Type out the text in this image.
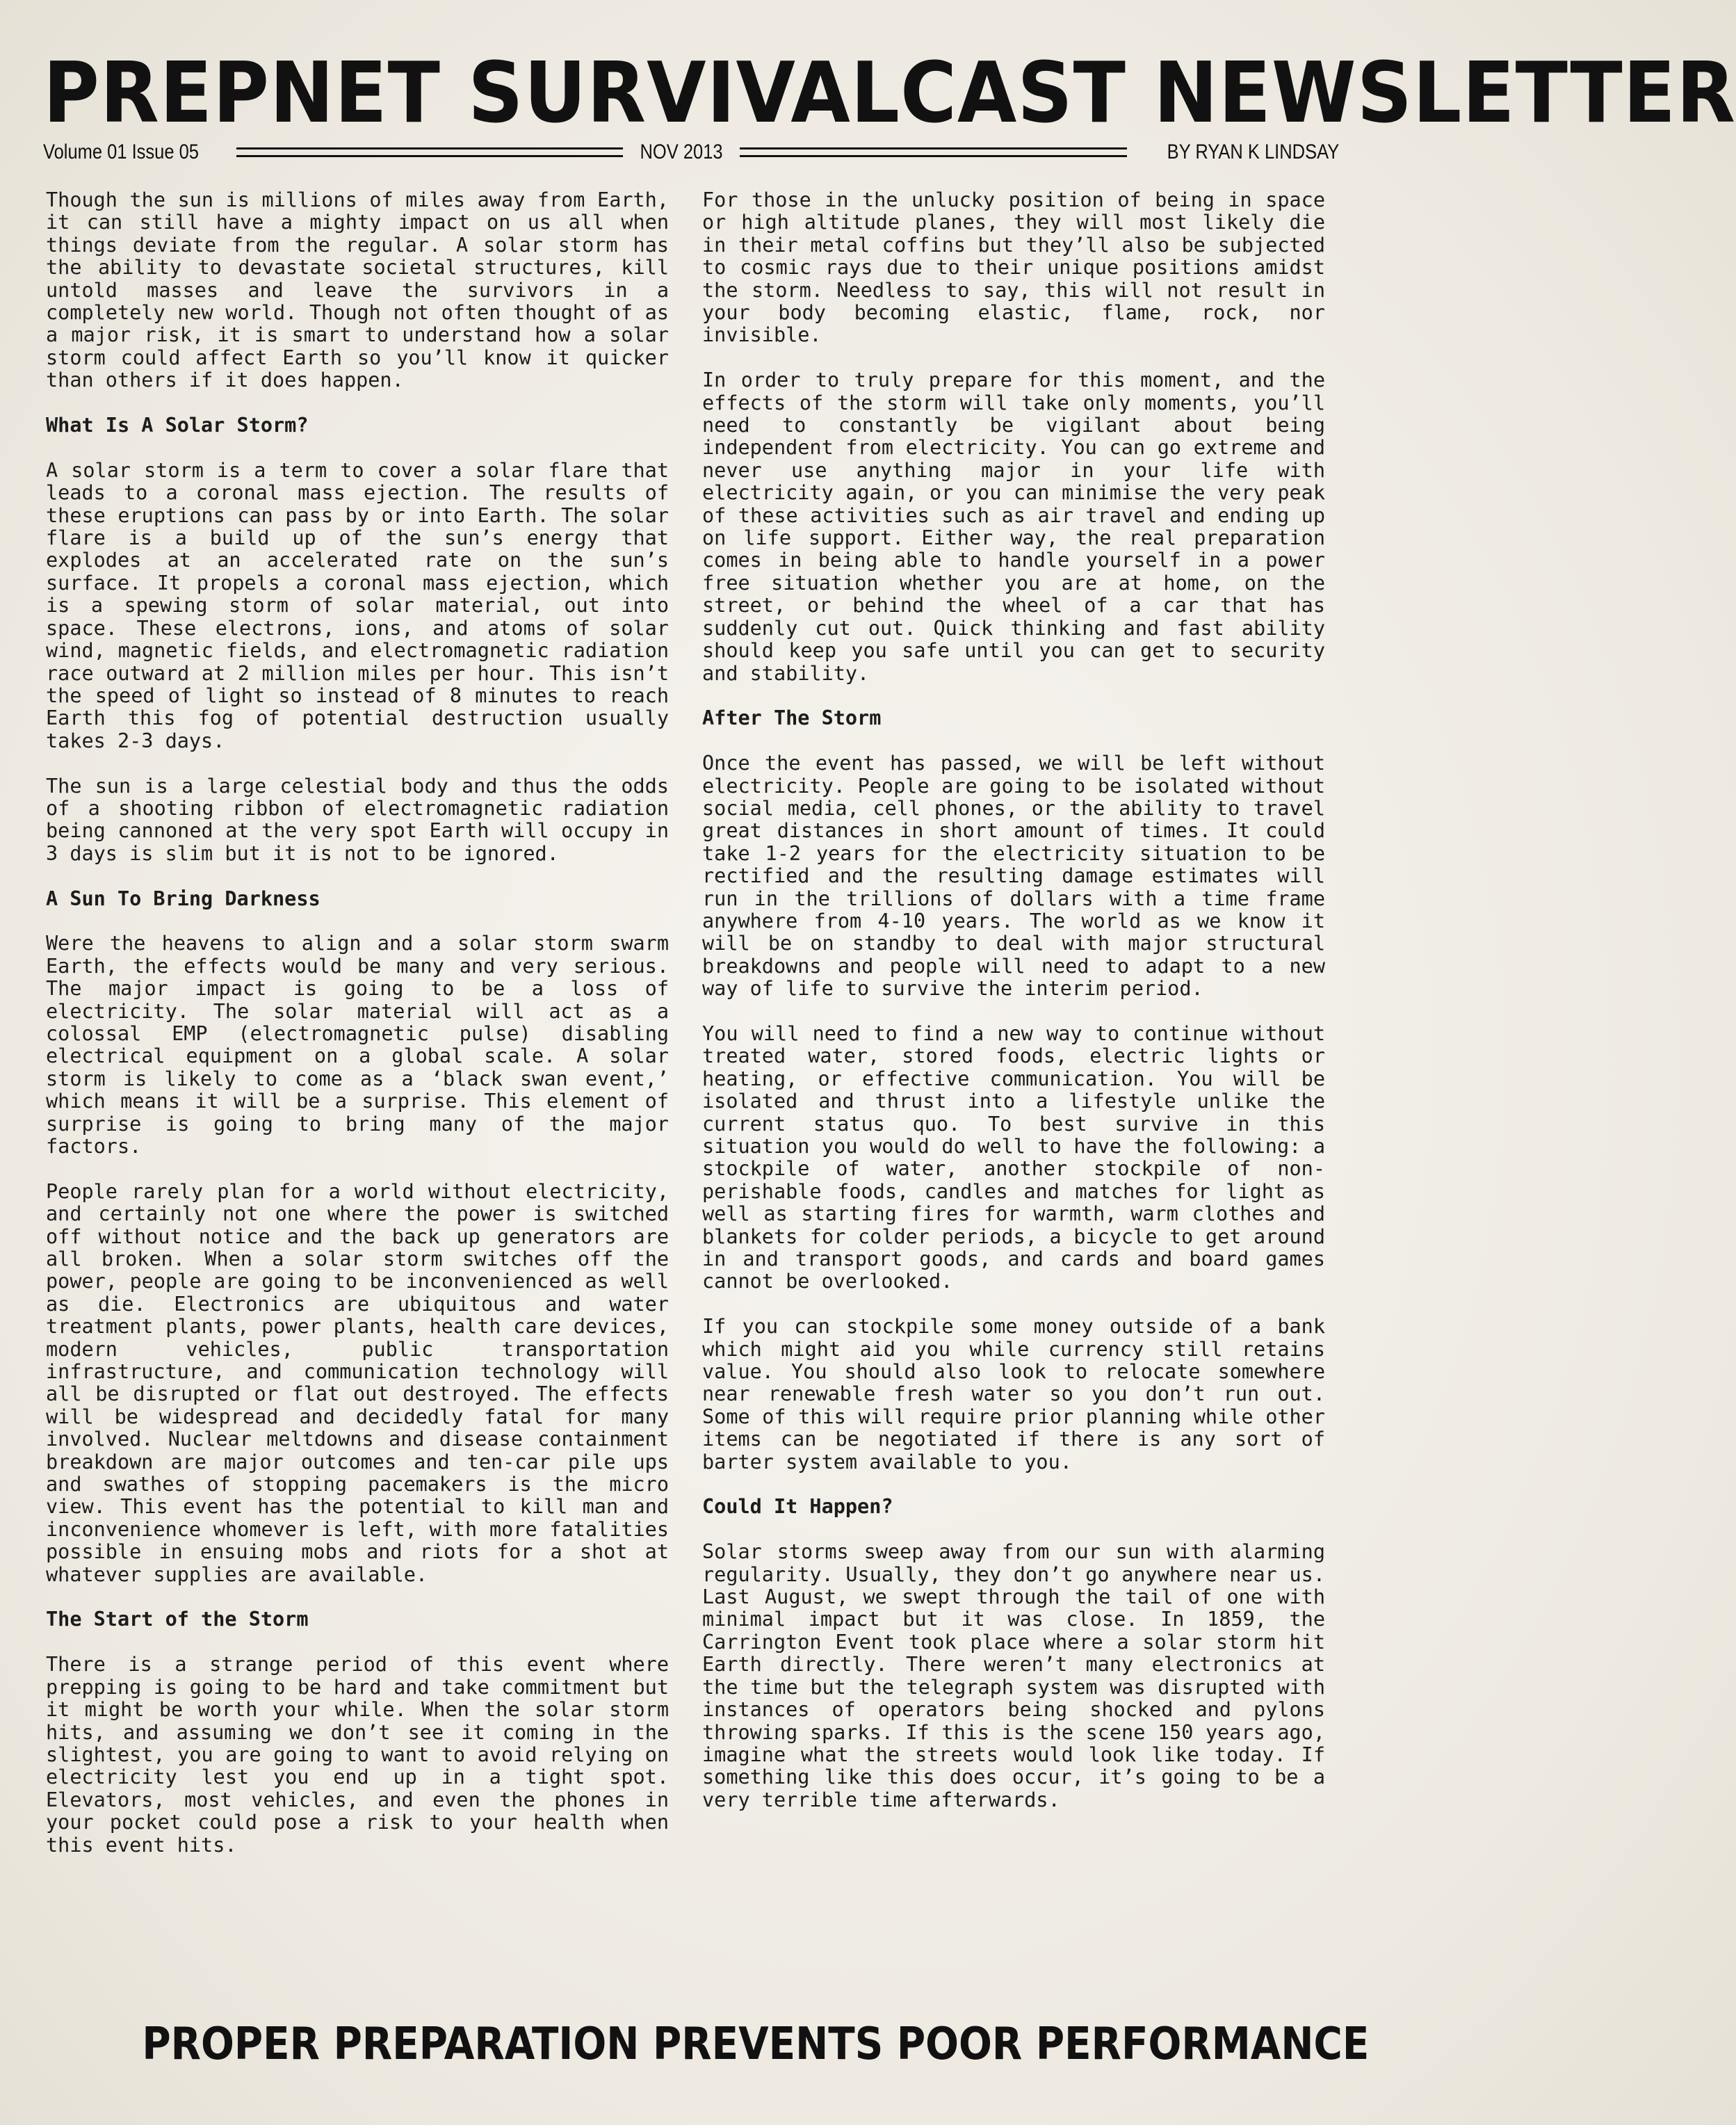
PREPNET SURVIVALCAST NEWSLETTER
Volume 01 Issue 05	NOV 2013	BY RYAN K LINDSAY

Though the sun is millions of miles away from Earth, it can still have a mighty impact on us all when things deviate from the regular. A solar storm has the ability to devastate societal structures, kill untold masses and leave the survivors in a completely new world. Though not often thought of as a major risk, it is smart to understand how a solar storm could affect Earth so you’ll know it quicker than others if it does happen.

What Is A Solar Storm?

A solar storm is a term to cover a solar flare that leads to a coronal mass ejection. The results of these eruptions can pass by or into Earth. The solar flare is a build up of the sun’s energy that explodes at an accelerated rate on the sun’s surface. It propels a coronal mass ejection, which is a spewing storm of solar material, out into space. These electrons, ions, and atoms of solar wind, magnetic fields, and electromagnetic radiation race outward at 2 million miles per hour. This isn’t the speed of light so instead of 8 minutes to reach Earth this fog of potential destruction usually takes 2-3 days.

The sun is a large celestial body and thus the odds of a shooting ribbon of electromagnetic radiation being cannoned at the very spot Earth will occupy in 3 days is slim but it is not to be ignored.

A Sun To Bring Darkness

Were the heavens to align and a solar storm swarm Earth, the effects would be many and very serious. The major impact is going to be a loss of electricity. The solar material will act as a colossal EMP (electromagnetic pulse) disabling electrical equipment on a global scale. A solar storm is likely to come as a ‘black swan event,’ which means it will be a surprise. This element of surprise is going to bring many of the major factors.

People rarely plan for a world without electricity, and certainly not one where the power is switched off without notice and the back up generators are all broken. When a solar storm switches off the power, people are going to be inconvenienced as well as die. Electronics are ubiquitous and water treatment plants, power plants, health care devices, modern vehicles, public transportation infrastructure, and communication technology will all be disrupted or flat out destroyed. The effects will be widespread and decidedly fatal for many involved. Nuclear meltdowns and disease containment breakdown are major outcomes and ten-car pile ups and swathes of stopping pacemakers is the micro view. This event has the potential to kill man and inconvenience whomever is left, with more fatalities possible in ensuing mobs and riots for a shot at whatever supplies are available.

The Start of the Storm

There is a strange period of this event where prepping is going to be hard and take commitment but it might be worth your while. When the solar storm hits, and assuming we don’t see it coming in the slightest, you are going to want to avoid relying on electricity lest you end up in a tight spot. Elevators, most vehicles, and even the phones in your pocket could pose a risk to your health when this event hits.

For those in the unlucky position of being in space or high altitude planes, they will most likely die in their metal coffins but they’ll also be subjected to cosmic rays due to their unique positions amidst the storm. Needless to say, this will not result in your body becoming elastic, flame, rock, nor invisible.

In order to truly prepare for this moment, and the effects of the storm will take only moments, you’ll need to constantly be vigilant about being independent from electricity. You can go extreme and never use anything major in your life with electricity again, or you can minimise the very peak of these activities such as air travel and ending up on life support. Either way, the real preparation comes in being able to handle yourself in a power free situation whether you are at home, on the street, or behind the wheel of a car that has suddenly cut out. Quick thinking and fast ability should keep you safe until you can get to security and stability.

After The Storm

Once the event has passed, we will be left without electricity. People are going to be isolated without social media, cell phones, or the ability to travel great distances in short amount of times. It could take 1-2 years for the electricity situation to be rectified and the resulting damage estimates will run in the trillions of dollars with a time frame anywhere from 4-10 years. The world as we know it will be on standby to deal with major structural breakdowns and people will need to adapt to a new way of life to survive the interim period.

You will need to find a new way to continue without treated water, stored foods, electric lights or heating, or effective communication. You will be isolated and thrust into a lifestyle unlike the current status quo. To best survive in this situation you would do well to have the following: a stockpile of water, another stockpile of non-perishable foods, candles and matches for light as well as starting fires for warmth, warm clothes and blankets for colder periods, a bicycle to get around in and transport goods, and cards and board games cannot be overlooked.

If you can stockpile some money outside of a bank which might aid you while currency still retains value. You should also look to relocate somewhere near renewable fresh water so you don’t run out. Some of this will require prior planning while other items can be negotiated if there is any sort of barter system available to you.

Could It Happen?

Solar storms sweep away from our sun with alarming regularity. Usually, they don’t go anywhere near us. Last August, we swept through the tail of one with minimal impact but it was close. In 1859, the Carrington Event took place where a solar storm hit Earth directly. There weren’t many electronics at the time but the telegraph system was disrupted with instances of operators being shocked and pylons throwing sparks. If this is the scene 150 years ago, imagine what the streets would look like today. If something like this does occur, it’s going to be a very terrible time afterwards.

PROPER PREPARATION PREVENTS POOR PERFORMANCE
